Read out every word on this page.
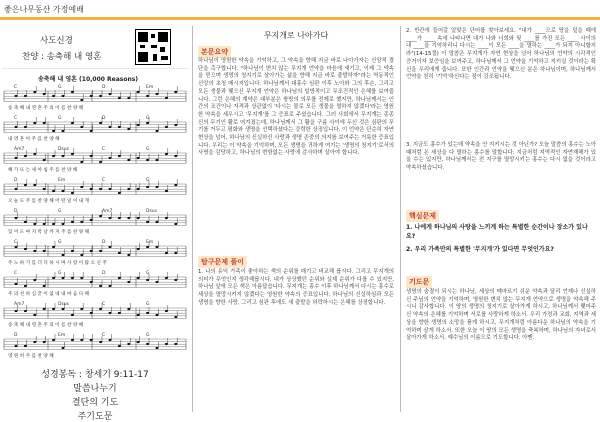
좋은나무동산 가정예배
사도신경
찬양 : 송축해 내 영혼
송축해 내 영혼 (10,000 Reasons)
C	G	D	Em
송 축 해 내 영 혼 주 의 이 름 찬 양 해
C	G	D	G
내 영 혼 아 주 를 찬 양 해
Am7	Dsus	C	G
해 가 뜨 는 새 아 침 주 를 찬 양 해
D	Em	C	G
오 늘 도 주 를 찬 양 해 어 떤 일 이 내 게
D	G	Am7	Dsus
있 어 도 마 지 막 날 까 지 주 를 찬 양 해
C	G	D	Em
주 노 하 기 를 더 디 하 시 며 사 랑 이 많 으 신 주
C	G	D	G
주 의 선 하 심 끝 이 없 네 내 마 음 다 해
Am7	Dsus	C	G
송 축 해 내 영 혼 주 의 이 름 찬 양 해
D	Em	C	G
영 원 히 주 를 찬 양 해
성경봉독 : 창세기 9:11-17
말씀나누기
결단의 기도
주기도문
무지개로 나아가다
본문요약
하나님이 영원한 약속을 기억하고, 그 약속을 향해 지금 바로 나아가자는 신앙적 결단을 촉구합니다. "하나님이 변치 않는 무지개 언약을 마음에 새기고, 이제 그 약속을 믿으며 생명의 청지기로 살아가는 삶을 향해 지금 바로 출발하자"라는 역동적인 신앙의 초청 메시지입니다. 하나님께서 대홍수 심판 이후 노아와 그의 후손, 그리고 모든 생물과 맺으신 무지개 언약은 하나님의 일방적이고 무조건적인 은혜를 보여줍니다. 그런 은혜의 계약은 대부분은 쌍방의 의무를 전제로 했지만, 하나님께서는 인간의 조건이나 자격과 상관없이 '다시는 물로 모든 생물을 멸하지 않겠다'라는 영원한 약속을 세우시고 '무지개'를 그 증표로 주셨습니다. 그러 사회에서 무지개는 종종 신의 무기인 활로 여겨졌는데, 하나님께서 그 활을 구름 사이에 두신 것은 심판의 무기를 거두고 평화와 생명을 선택하셨다는 강력한 상징입니다. 이 언약은 단순히 자연 현상을 넘어, 하나님의 신실하신 사랑과 생명 존중의 의지를 보여주는 거룩한 증표입니다. 우리는 이 약속을 기억하며, 모든 생명을 귀하게 여기는 '생명의 청지기'로서의 사명을 감당하고, 하나님의 변함없는 사랑에 감사하며 살아야 합니다.
탐구문제 풀이
1. 나의 유익 가족이 좋아하는 색의 순위를 매기고 비교해 봅시다. 그리고 무지개의 의미가 무엇인지 생각해봅시다. 내가 상상했던 순위와 실제 순위가 다를 수 있지만, 하나님 앞에 모든 색은 아름답습니다. 무지개는 홍수 이후 하나님께서 다시는 홍수로 세상을 멸망시키지 않겠다는 영원한 약속의 증표입니다. 하나님의 신실하심과 모든 생명을 향한 사랑, 그리고 심판 후에도 새 출발을 허락하시는 은혜를 상징합니다.
2. 빈칸에 들어갈 알맞은 단어를 찾아보세요. "내가 ____으로 땅을 덮을 때에 ____가 ____ 속에 나타나면 내가 나와 너희와 및 ____를 가진 모든 ____ 사이의 내 ____을 기억하리니 다시는 ____이 모든 ____을 멸하는 ____가 되지 아니할지라"(14-15절) 이 말씀은 무지개가 자연 현상을 넘어 하나님의 언약의 시각적인 증거이자 보증임을 보여주고, 하나님께서 그 언약을 기억하고 지키실 것이라는 확신을 우리에게 줍니다. 또한 인간과 언약을 맺으신 분은 하나님이며, 하나님께서 언약을 친히 '기억'하신다는 점이 강조됩니다.
3. 지금도 홍수가 있는데 약속을 안 지키시는 것 아닌가? 오늘 말씀의 홍수는 노아 때처럼 온 세상을 다 멸하는 홍수를 말합니다. 지금처럼 지역적인 자연재해가 있을 수는 있지만, 하나님께서는 전 지구를 멸망시키는 홍수는 다시 없을 것이라고 약속하셨습니다.
핵심문제
1. 나에게 하나님의 사랑을 느끼게 하는 특별한 순간이나 장소가 있나요?
2. 우리 가족만의 특별한 '무지개'가 있다면 무엇인가요?
기도문
생명의 숨결이 되시는 하나님, 세상의 메마르기 쉬운 약속과 달리 언제나 신실하신 주님의 언약을 기억하며, 영원한 변치 않는 무지개 언약으로 생명을 약속해 주시니 감사합니다. 이 땅의 생명의 청지기로 살아가게 하시고, 하나님께서 맺어주신 약속의 은혜를 기억하며 서로를 사랑하게 하소서. 우리 가정과 교회, 지역과 세상을 향한 생명의 소망을 품게 하시고, 무지개처럼 아름다운 하나님의 약속을 기억하며 살게 하소서. 또한 오늘 이 땅의 모든 생명을 축복하며, 하나님의 자녀로서 살아가게 하소서. 예수님의 이름으로 기도합니다. 아멘.
